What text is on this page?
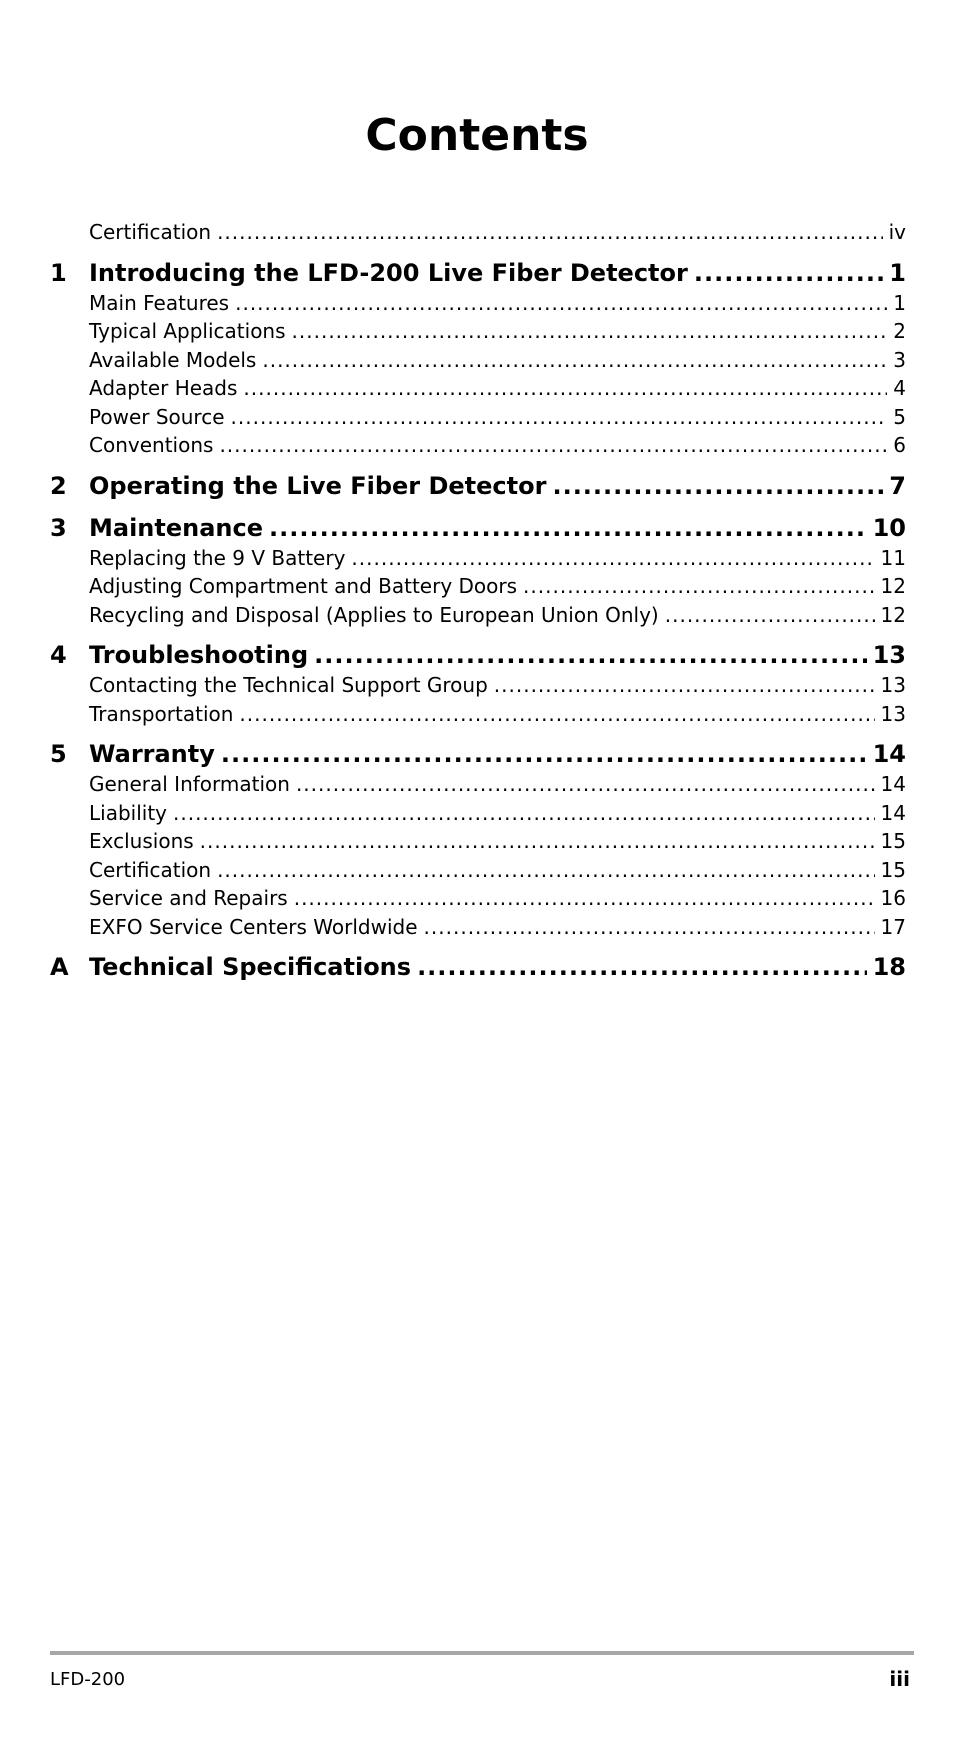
Contents
Certification .....	iv
1 Introducing the LFD-200 Live Fiber Detector .....	1
Main Features .....	1
Typical Applications .....	2
Available Models .....	3
Adapter Heads .....	4
Power Source .....	5
Conventions .....	6
2 Operating the Live Fiber Detector .....	7
3 Maintenance .....	10
Replacing the 9 V Battery .....	11
Adjusting Compartment and Battery Doors .....	12
Recycling and Disposal (Applies to European Union Only) .....	12
4 Troubleshooting .....	13
Contacting the Technical Support Group .....	13
Transportation .....	13
5 Warranty .....	14
General Information .....	14
Liability .....	14
Exclusions .....	15
Certification .....	15
Service and Repairs .....	16
EXFO Service Centers Worldwide .....	17
A Technical Specifications .....	18
LFD-200	iii
